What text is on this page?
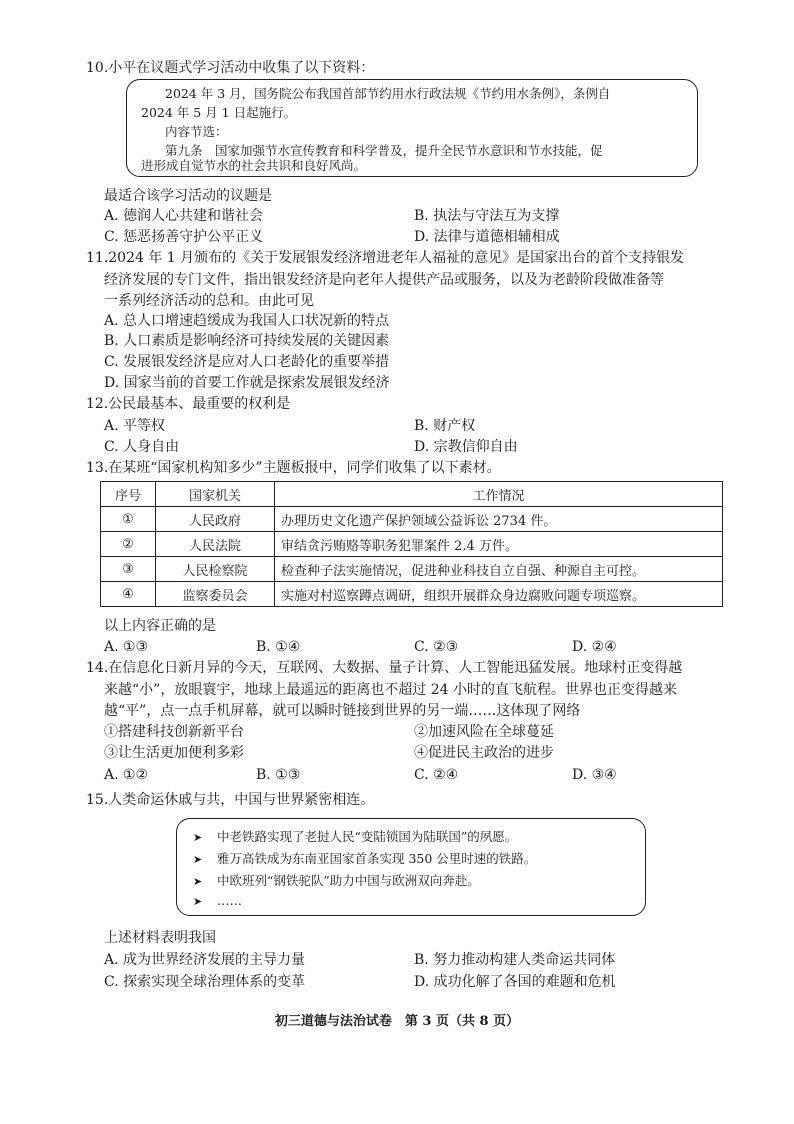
10.小平在议题式学习活动中收集了以下资料：
2024 年 3 月，国务院公布我国首部节约用水行政法规《节约用水条例》，条例自
2024 年 5 月 1 日起施行。
内容节选：
第九条　国家加强节水宣传教育和科学普及，提升全民节水意识和节水技能，促
进形成自觉节水的社会共识和良好风尚。
最适合该学习活动的议题是
A. 德润人心共建和谐社会	B. 执法与守法互为支撑
C. 惩恶扬善守护公平正义	D. 法律与道德相辅相成
11.2024 年 1 月颁布的《关于发展银发经济增进老年人福祉的意见》是国家出台的首个支持银发
经济发展的专门文件，指出银发经济是向老年人提供产品或服务，以及为老龄阶段做准备等
一系列经济活动的总和。由此可见
A. 总人口增速趋缓成为我国人口状况新的特点
B. 人口素质是影响经济可持续发展的关键因素
C. 发展银发经济是应对人口老龄化的重要举措
D. 国家当前的首要工作就是探索发展银发经济
12.公民最基本、最重要的权利是
A. 平等权	B. 财产权
C. 人身自由	D. 宗教信仰自由
13.在某班“国家机构知多少”主题板报中，同学们收集了以下素材。
序号	国家机关	工作情况
①	人民政府	办理历史文化遗产保护领域公益诉讼 2734 件。
②	人民法院	审结贪污贿赂等职务犯罪案件 2.4 万件。
③	人民检察院	检查种子法实施情况，促进种业科技自立自强、种源自主可控。
④	监察委员会	实施对村巡察蹲点调研，组织开展群众身边腐败问题专项巡察。
以上内容正确的是
A. ①③	B. ①④	C. ②③	D. ②④
14.在信息化日新月异的今天，互联网、大数据、量子计算、人工智能迅猛发展。地球村正变得越
来越“小”，放眼寰宇，地球上最遥远的距离也不超过 24 小时的直飞航程。世界也正变得越来
越“平”，点一点手机屏幕，就可以瞬时链接到世界的另一端……这体现了网络
①搭建科技创新新平台	②加速风险在全球蔓延
③让生活更加便利多彩	④促进民主政治的进步
A. ①②	B. ①③	C. ②④	D. ③④
15.人类命运休戚与共，中国与世界紧密相连。
➤ 中老铁路实现了老挝人民“变陆锁国为陆联国”的夙愿。
➤ 雅万高铁成为东南亚国家首条实现 350 公里时速的铁路。
➤ 中欧班列“钢铁驼队”助力中国与欧洲双向奔赴。
➤ ……
上述材料表明我国
A. 成为世界经济发展的主导力量	B. 努力推动构建人类命运共同体
C. 探索实现全球治理体系的变革	D. 成功化解了各国的难题和危机
初三道德与法治试卷　第 3 页（共 8 页）
